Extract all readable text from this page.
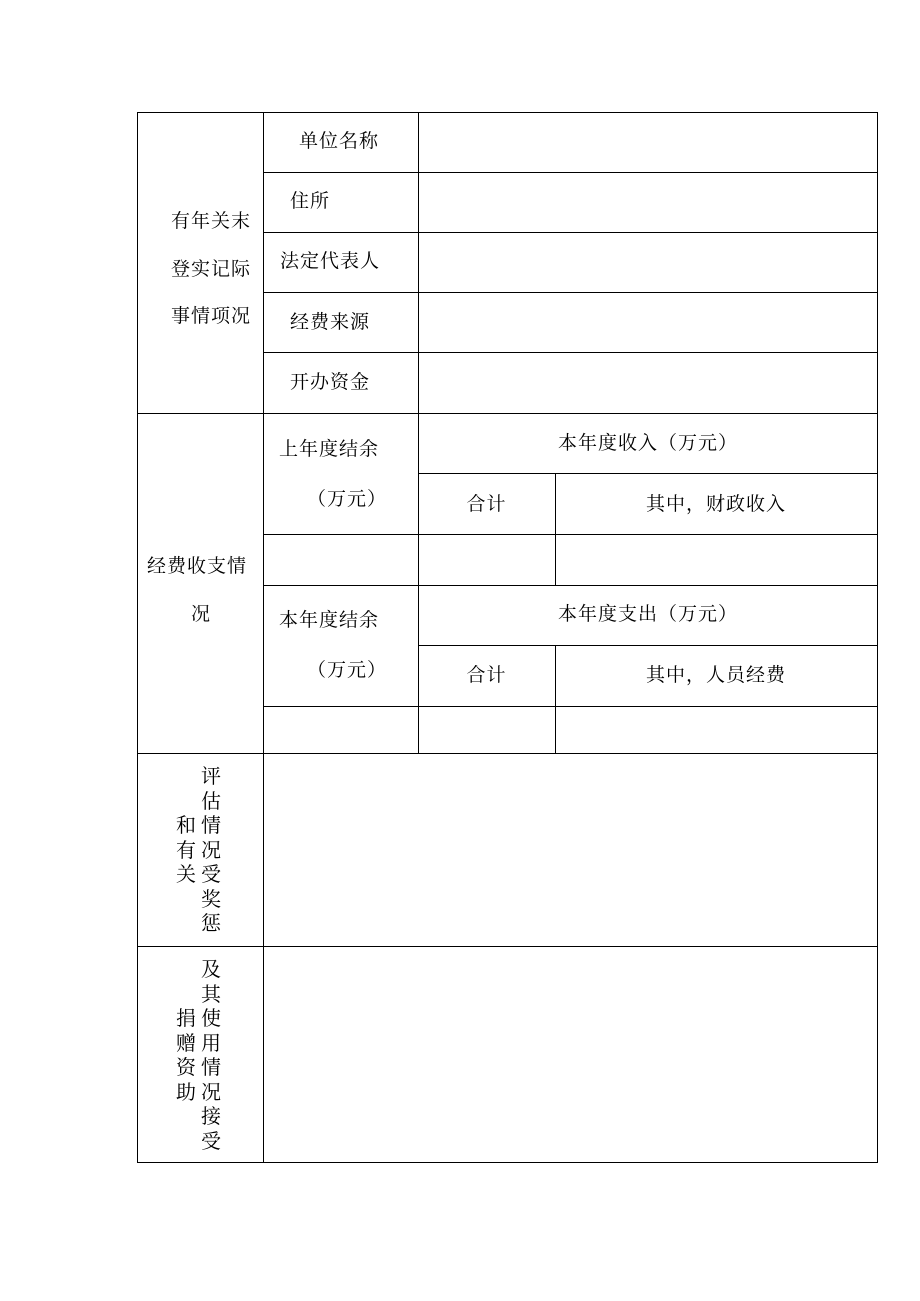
有年关末
登实记际
事情项况
单位名称
住所
法定代表人
经费来源
开办资金
经费收支情
况
上年度结余
（万元）
本年度收入（万元）
合计	其中，财政收入
本年度结余
（万元）
本年度支出（万元）
合计	其中，人员经费
和有关
评估情况受奖惩
捐赠资助
及其使用情况接受
